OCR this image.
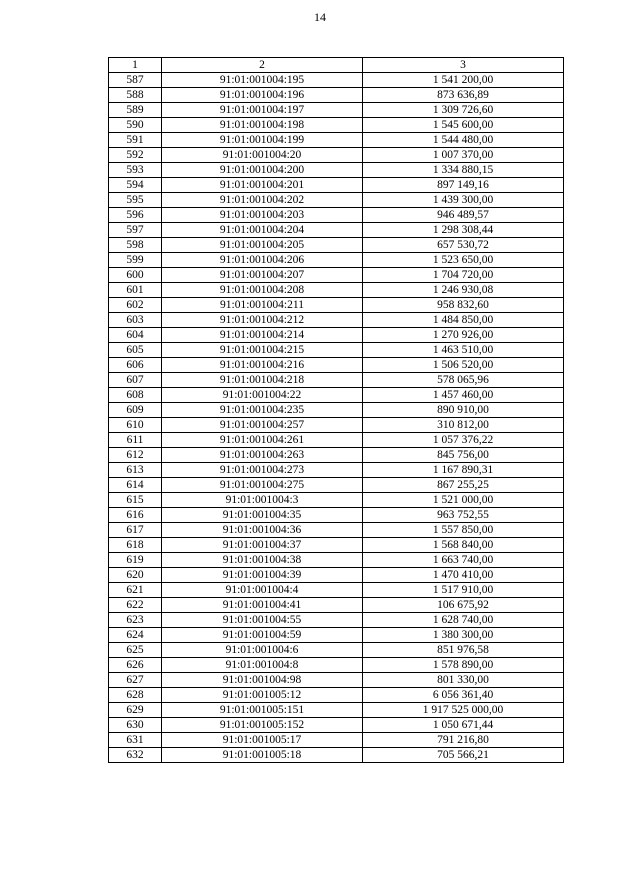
14
1	2	3
587	91:01:001004:195	1 541 200,00
588	91:01:001004:196	873 636,89
589	91:01:001004:197	1 309 726,60
590	91:01:001004:198	1 545 600,00
591	91:01:001004:199	1 544 480,00
592	91:01:001004:20	1 007 370,00
593	91:01:001004:200	1 334 880,15
594	91:01:001004:201	897 149,16
595	91:01:001004:202	1 439 300,00
596	91:01:001004:203	946 489,57
597	91:01:001004:204	1 298 308,44
598	91:01:001004:205	657 530,72
599	91:01:001004:206	1 523 650,00
600	91:01:001004:207	1 704 720,00
601	91:01:001004:208	1 246 930,08
602	91:01:001004:211	958 832,60
603	91:01:001004:212	1 484 850,00
604	91:01:001004:214	1 270 926,00
605	91:01:001004:215	1 463 510,00
606	91:01:001004:216	1 506 520,00
607	91:01:001004:218	578 065,96
608	91:01:001004:22	1 457 460,00
609	91:01:001004:235	890 910,00
610	91:01:001004:257	310 812,00
611	91:01:001004:261	1 057 376,22
612	91:01:001004:263	845 756,00
613	91:01:001004:273	1 167 890,31
614	91:01:001004:275	867 255,25
615	91:01:001004:3	1 521 000,00
616	91:01:001004:35	963 752,55
617	91:01:001004:36	1 557 850,00
618	91:01:001004:37	1 568 840,00
619	91:01:001004:38	1 663 740,00
620	91:01:001004:39	1 470 410,00
621	91:01:001004:4	1 517 910,00
622	91:01:001004:41	106 675,92
623	91:01:001004:55	1 628 740,00
624	91:01:001004:59	1 380 300,00
625	91:01:001004:6	851 976,58
626	91:01:001004:8	1 578 890,00
627	91:01:001004:98	801 330,00
628	91:01:001005:12	6 056 361,40
629	91:01:001005:151	1 917 525 000,00
630	91:01:001005:152	1 050 671,44
631	91:01:001005:17	791 216,80
632	91:01:001005:18	705 566,21
